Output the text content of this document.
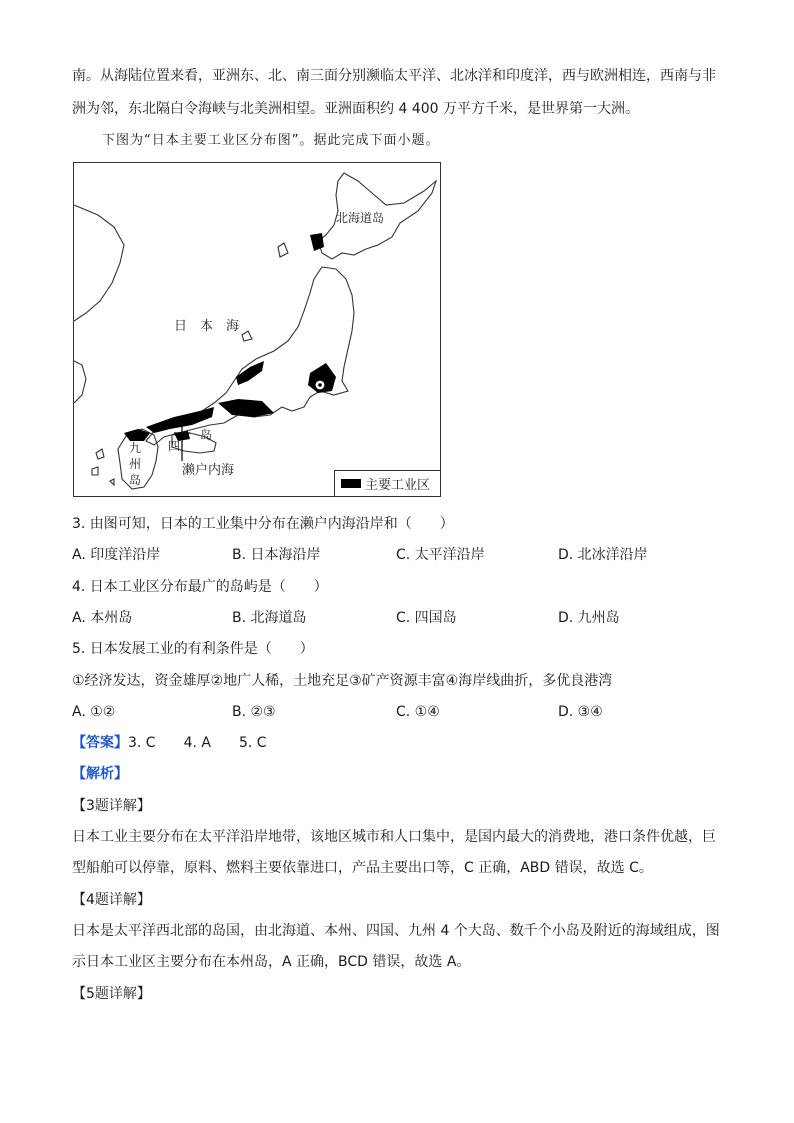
南。从海陆位置来看，亚洲东、北、南三面分别濒临太平洋、北冰洋和印度洋，西与欧洲相连，西南与非
洲为邻，东北隔白令海峡与北美洲相望。亚洲面积约 4 400 万平方千米，是世界第一大洲。
下图为“日本主要工业区分布图”。据此完成下面小题。
北海道岛
日　本　海
四
岛
九
州
岛
濑户内海
主要工业区
3. 由图可知，日本的工业集中分布在濑户内海沿岸和（　　）
A. 印度洋沿岸	B. 日本海沿岸	C. 太平洋沿岸	D. 北冰洋沿岸
4. 日本工业区分布最广的岛屿是（　　）
A. 本州岛	B. 北海道岛	C. 四国岛	D. 九州岛
5. 日本发展工业的有利条件是（　　）
①经济发达，资金雄厚②地广人稀，土地充足③矿产资源丰富④海岸线曲折，多优良港湾
A. ①②	B. ②③	C. ①④	D. ③④
【答案】3. C　　4. A　　5. C
【解析】
【3题详解】
日本工业主要分布在太平洋沿岸地带，该地区城市和人口集中，是国内最大的消费地，港口条件优越，巨
型船舶可以停靠，原料、燃料主要依靠进口，产品主要出口等，C 正确，ABD 错误，故选 C。
【4题详解】
日本是太平洋西北部的岛国，由北海道、本州、四国、九州 4 个大岛、数千个小岛及附近的海域组成，图
示日本工业区主要分布在本州岛，A 正确，BCD 错误，故选 A。
【5题详解】
